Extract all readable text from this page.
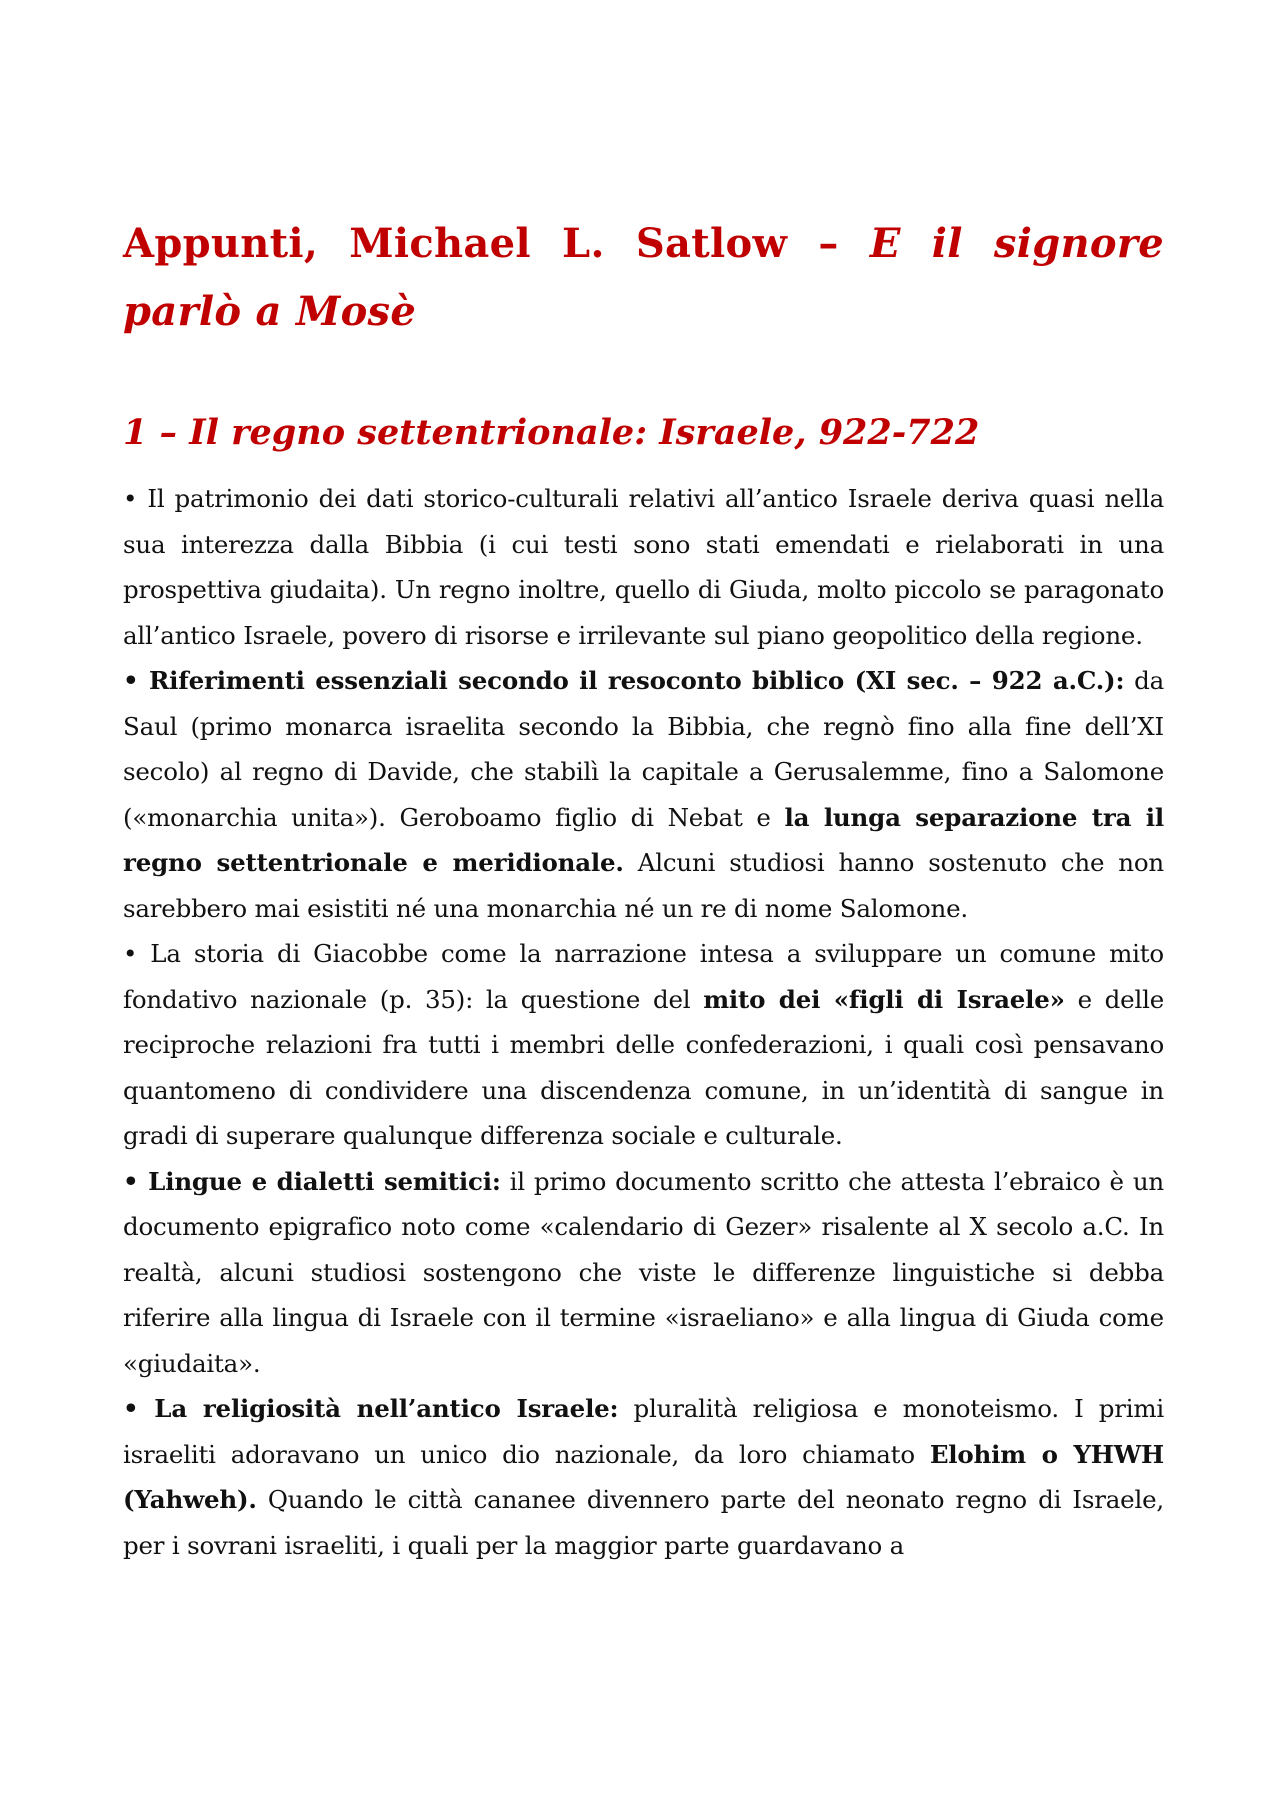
Appunti, Michael L. Satlow – E il signore parlò a Mosè
1 – Il regno settentrionale: Israele, 922-722

• Il patrimonio dei dati storico-culturali relativi all’antico Israele deriva quasi nella sua interezza dalla Bibbia (i cui testi sono stati emendati e rielaborati in una prospettiva giudaita). Un regno inoltre, quello di Giuda, molto piccolo se paragonato all’antico Israele, povero di risorse e irrilevante sul piano geopolitico della regione.

• Riferimenti essenziali secondo il resoconto biblico (XI sec. – 922 a.C.): da Saul (primo monarca israelita secondo la Bibbia, che regnò fino alla fine dell’XI secolo) al regno di Davide, che stabilì la capitale a Gerusalemme, fino a Salomone («monarchia unita»). Geroboamo figlio di Nebat e la lunga separazione tra il regno settentrionale e meridionale. Alcuni studiosi hanno sostenuto che non sarebbero mai esistiti né una monarchia né un re di nome Salomone.

• La storia di Giacobbe come la narrazione intesa a sviluppare un comune mito fondativo nazionale (p. 35): la questione del mito dei «figli di Israele» e delle reciproche relazioni fra tutti i membri delle confederazioni, i quali così pensavano quantomeno di condividere una discendenza comune, in un’identità di sangue in gradi di superare qualunque differenza sociale e culturale.

• Lingue e dialetti semitici: il primo documento scritto che attesta l’ebraico è un documento epigrafico noto come «calendario di Gezer» risalente al X secolo a.C. In realtà, alcuni studiosi sostengono che viste le differenze linguistiche si debba riferire alla lingua di Israele con il termine «israeliano» e alla lingua di Giuda come «giudaita».

• La religiosità nell’antico Israele: pluralità religiosa e monoteismo. I primi israeliti adoravano un unico dio nazionale, da loro chiamato Elohim o YHWH (Yahweh). Quando le città cananee divennero parte del neonato regno di Israele, per i sovrani israeliti, i quali per la maggior parte guardavano a
